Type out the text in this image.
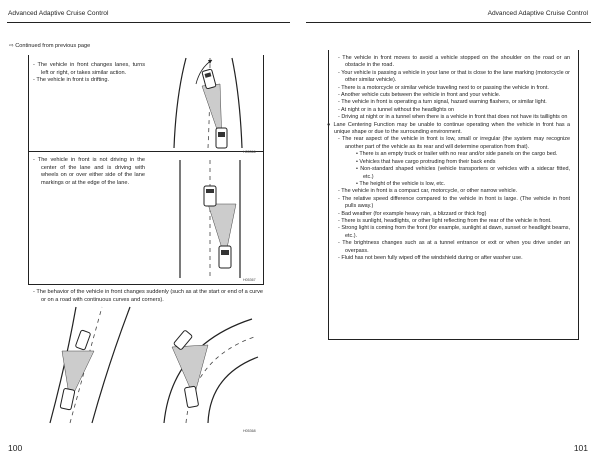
Advanced Adaptive Cruise Control	Advanced Adaptive Cruise Control
⇨ Continued from previous page

- The vehicle in front changes lanes, turns left or right, or takes similar action.

- The vehicle in front is drifting.

- The vehicle in front is not driving in the center of the lane and is driving with wheels on or over either side of the lane markings or at the edge of the lane.

- The behavior of the vehicle in front changes suddenly (such as at the start or end of a curve or on a road with continuous curves and corners).

H05366
H05367
H05368
100
- The vehicle in front moves to avoid a vehicle stopped on the shoulder on the road or an obstacle in the road.
- Your vehicle is passing a vehicle in your lane or that is close to the lane marking (motorcycle or other similar vehicle).
- There is a motorcycle or similar vehicle traveling next to or passing the vehicle in front.
- Another vehicle cuts between the vehicle in front and your vehicle.
- The vehicle in front is operating a turn signal, hazard warning flashers, or similar light.
- At night or in a tunnel without the headlights on
- Driving at night or in a tunnel when there is a vehicle in front that does not have its taillights on
● Lane Centering Function may be unable to continue operating when the vehicle in front has a unique shape or due to the surrounding environment.
- The rear aspect of the vehicle in front is low, small or irregular (the system may recognize another part of the vehicle as its rear and will determine operation from that).
• There is an empty truck or trailer with no rear and/or side panels on the cargo bed.
• Vehicles that have cargo protruding from their back ends
• Non-standard shaped vehicles (vehicle transporters or vehicles with a sidecar fitted, etc.)
• The height of the vehicle is low, etc.
- The vehicle in front is a compact car, motorcycle, or other narrow vehicle.
- The relative speed difference compared to the vehicle in front is large. (The vehicle in front pulls away.)
- Bad weather (for example heavy rain, a blizzard or thick fog)
- There is sunlight, headlights, or other light reflecting from the rear of the vehicle in front.
- Strong light is coming from the front (for example, sunlight at dawn, sunset or headlight beams, etc.).
- The brightness changes such as at a tunnel entrance or exit or when you drive under an overpass.
- Fluid has not been fully wiped off the windshield during or after washer use.
101
